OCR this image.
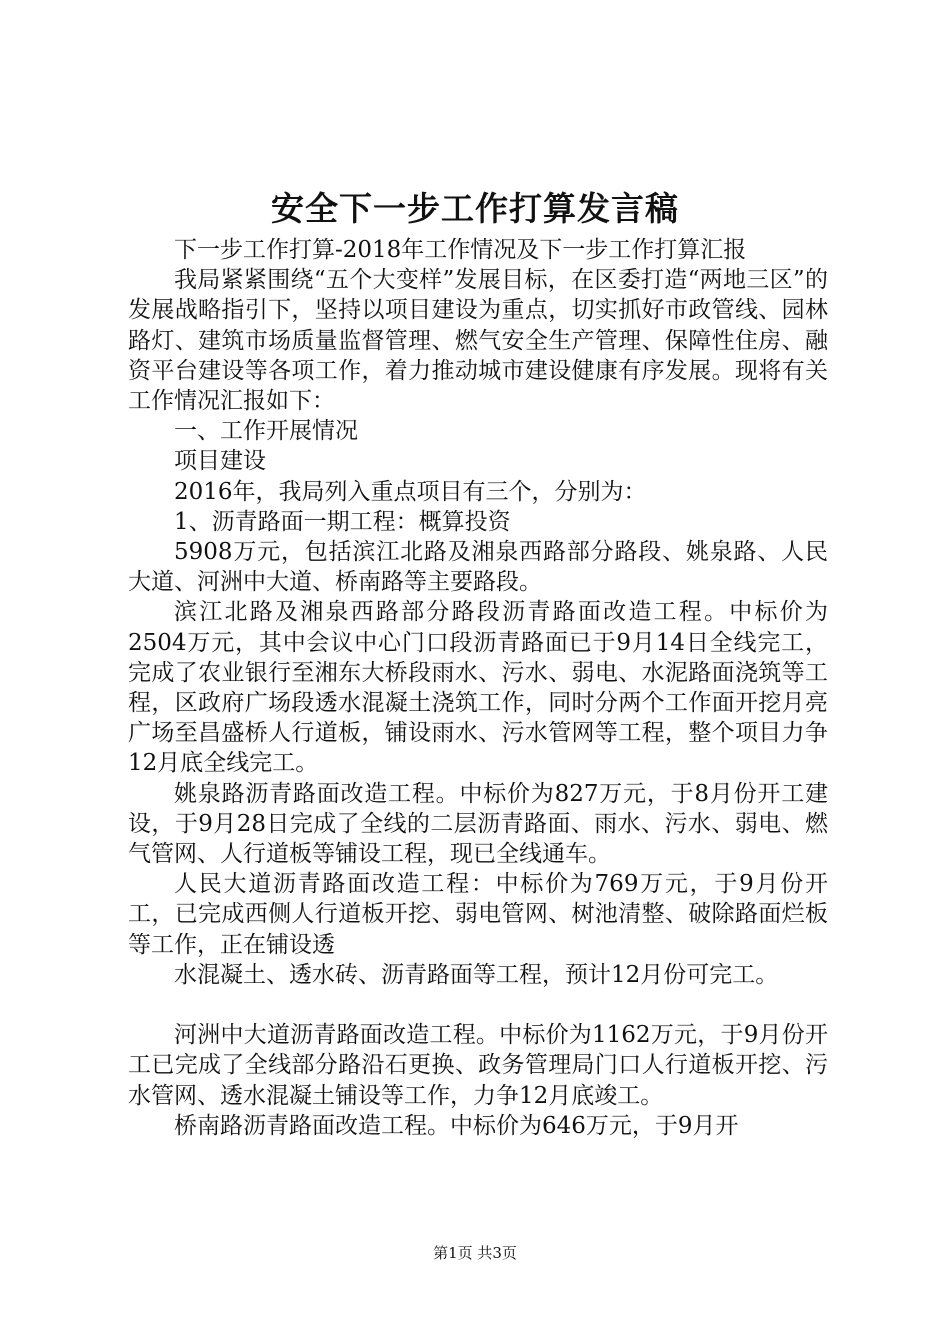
安全下一步工作打算发言稿

下一步工作打算-2018年工作情况及下一步工作打算汇报

我局紧紧围绕“五个大变样”发展目标，在区委打造“两地三区”的发展战略指引下，坚持以项目建设为重点，切实抓好市政管线、园林路灯、建筑市场质量监督管理、燃气安全生产管理、保障性住房、融资平台建设等各项工作，着力推动城市建设健康有序发展。现将有关工作情况汇报如下：

一、工作开展情况

项目建设

2016年，我局列入重点项目有三个，分别为：

1、沥青路面一期工程：概算投资

5908万元，包括滨江北路及湘泉西路部分路段、姚泉路、人民大道、河洲中大道、桥南路等主要路段。

滨江北路及湘泉西路部分路段沥青路面改造工程。中标价为2504万元，其中会议中心门口段沥青路面已于9月14日全线完工，完成了农业银行至湘东大桥段雨水、污水、弱电、水泥路面浇筑等工程，区政府广场段透水混凝土浇筑工作，同时分两个工作面开挖月亮广场至昌盛桥人行道板，铺设雨水、污水管网等工程，整个项目力争12月底全线完工。

姚泉路沥青路面改造工程。中标价为827万元，于8月份开工建设，于9月28日完成了全线的二层沥青路面、雨水、污水、弱电、燃气管网、人行道板等铺设工程，现已全线通车。

人民大道沥青路面改造工程：中标价为769万元，于9月份开工，已完成西侧人行道板开挖、弱电管网、树池清整、破除路面烂板等工作，正在铺设透

水混凝土、透水砖、沥青路面等工程，预计12月份可完工。

河洲中大道沥青路面改造工程。中标价为1162万元，于9月份开工已完成了全线部分路沿石更换、政务管理局门口人行道板开挖、污水管网、透水混凝土铺设等工作，力争12月底竣工。

桥南路沥青路面改造工程。中标价为646万元，于9月开

第1页 共3页
